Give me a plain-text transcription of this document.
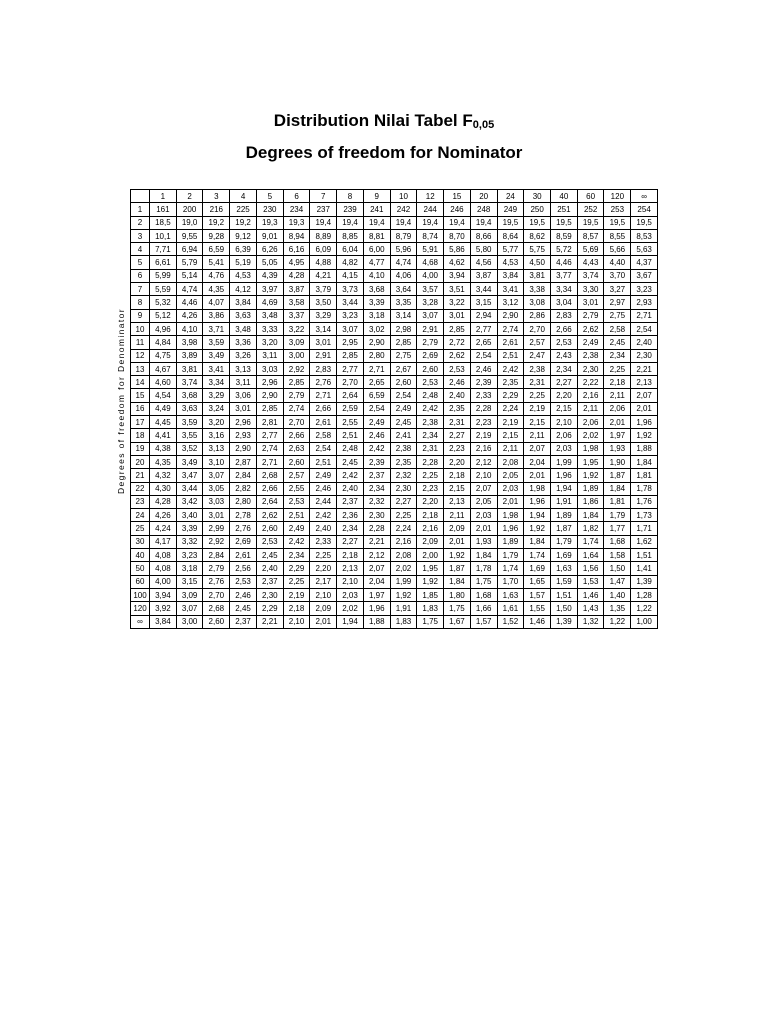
Distribution Nilai Tabel $F_{0,05}$
Degrees of freedom for Nominator
Degrees of freedom for Denominator
	1	2	3	4	5	6	7	8	9	10	12	15	20	24	30	40	60	120	∞
1	161	200	216	225	230	234	237	239	241	242	244	246	248	249	250	251	252	253	254
2	18,5	19,0	19,2	19,2	19,3	19,3	19,4	19,4	19,4	19,4	19,4	19,4	19,4	19,5	19,5	19,5	19,5	19,5	19,5
3	10,1	9,55	9,28	9,12	9,01	8,94	8,89	8,85	8,81	8,79	8,74	8,70	8,66	8,64	8,62	8,59	8,57	8,55	8,53
4	7,71	6,94	6,59	6,39	6,26	6,16	6,09	6,04	6,00	5,96	5,91	5,86	5,80	5,77	5,75	5,72	5,69	5,66	5,63
5	6,61	5,79	5,41	5,19	5,05	4,95	4,88	4,82	4,77	4,74	4,68	4,62	4,56	4,53	4,50	4,46	4,43	4,40	4,37
6	5,99	5,14	4,76	4,53	4,39	4,28	4,21	4,15	4,10	4,06	4,00	3,94	3,87	3,84	3,81	3,77	3,74	3,70	3,67
7	5,59	4,74	4,35	4,12	3,97	3,87	3,79	3,73	3,68	3,64	3,57	3,51	3,44	3,41	3,38	3,34	3,30	3,27	3,23
8	5,32	4,46	4,07	3,84	4,69	3,58	3,50	3,44	3,39	3,35	3,28	3,22	3,15	3,12	3,08	3,04	3,01	2,97	2,93
9	5,12	4,26	3,86	3,63	3,48	3,37	3,29	3,23	3,18	3,14	3,07	3,01	2,94	2,90	2,86	2,83	2,79	2,75	2,71
10	4,96	4,10	3,71	3,48	3,33	3,22	3,14	3,07	3,02	2,98	2,91	2,85	2,77	2,74	2,70	2,66	2,62	2,58	2,54
11	4,84	3,98	3,59	3,36	3,20	3,09	3,01	2,95	2,90	2,85	2,79	2,72	2,65	2,61	2,57	2,53	2,49	2,45	2,40
12	4,75	3,89	3,49	3,26	3,11	3,00	2,91	2,85	2,80	2,75	2,69	2,62	2,54	2,51	2,47	2,43	2,38	2,34	2,30
13	4,67	3,81	3,41	3,13	3,03	2,92	2,83	2,77	2,71	2,67	2,60	2,53	2,46	2,42	2,38	2,34	2,30	2,25	2,21
14	4,60	3,74	3,34	3,11	2,96	2,85	2,76	2,70	2,65	2,60	2,53	2,46	2,39	2,35	2,31	2,27	2,22	2,18	2,13
15	4,54	3,68	3,29	3,06	2,90	2,79	2,71	2,64	6,59	2,54	2,48	2,40	2,33	2,29	2,25	2,20	2,16	2,11	2,07
16	4,49	3,63	3,24	3,01	2,85	2,74	2,66	2,59	2,54	2,49	2,42	2,35	2,28	2,24	2,19	2,15	2,11	2,06	2,01
17	4,45	3,59	3,20	2,96	2,81	2,70	2,61	2,55	2,49	2,45	2,38	2,31	2,23	2,19	2,15	2,10	2,06	2,01	1,96
18	4,41	3,55	3,16	2,93	2,77	2,66	2,58	2,51	2,46	2,41	2,34	2,27	2,19	2,15	2,11	2,06	2,02	1,97	1,92
19	4,38	3,52	3,13	2,90	2,74	2,63	2,54	2,48	2,42	2,38	2,31	2,23	2,16	2,11	2,07	2,03	1,98	1,93	1,88
20	4,35	3,49	3,10	2,87	2,71	2,60	2,51	2,45	2,39	2,35	2,28	2,20	2,12	2,08	2,04	1,99	1,95	1,90	1,84
21	4,32	3,47	3,07	2,84	2,68	2,57	2,49	2,42	2,37	2,32	2,25	2,18	2,10	2,05	2,01	1,96	1,92	1,87	1,81
22	4,30	3,44	3,05	2,82	2,66	2,55	2,46	2,40	2,34	2,30	2,23	2,15	2,07	2,03	1,98	1,94	1,89	1,84	1,78
23	4,28	3,42	3,03	2,80	2,64	2,53	2,44	2,37	2,32	2,27	2,20	2,13	2,05	2,01	1,96	1,91	1,86	1,81	1,76
24	4,26	3,40	3,01	2,78	2,62	2,51	2,42	2,36	2,30	2,25	2,18	2,11	2,03	1,98	1,94	1,89	1,84	1,79	1,73
25	4,24	3,39	2,99	2,76	2,60	2,49	2,40	2,34	2,28	2,24	2,16	2,09	2,01	1,96	1,92	1,87	1,82	1,77	1,71
30	4,17	3,32	2,92	2,69	2,53	2,42	2,33	2,27	2,21	2,16	2,09	2,01	1,93	1,89	1,84	1,79	1,74	1,68	1,62
40	4,08	3,23	2,84	2,61	2,45	2,34	2,25	2,18	2,12	2,08	2,00	1,92	1,84	1,79	1,74	1,69	1,64	1,58	1,51
50	4,08	3,18	2,79	2,56	2,40	2,29	2,20	2,13	2,07	2,02	1,95	1,87	1,78	1,74	1,69	1,63	1,56	1,50	1,41
60	4,00	3,15	2,76	2,53	2,37	2,25	2,17	2,10	2,04	1,99	1,92	1,84	1,75	1,70	1,65	1,59	1,53	1,47	1,39
100	3,94	3,09	2,70	2,46	2,30	2,19	2,10	2,03	1,97	1,92	1,85	1,80	1,68	1,63	1,57	1,51	1,46	1,40	1,28
120	3,92	3,07	2,68	2,45	2,29	2,18	2,09	2,02	1,96	1,91	1,83	1,75	1,66	1,61	1,55	1,50	1,43	1,35	1,22
∞	3,84	3,00	2,60	2,37	2,21	2,10	2,01	1,94	1,88	1,83	1,75	1,67	1,57	1,52	1,46	1,39	1,32	1,22	1,00
